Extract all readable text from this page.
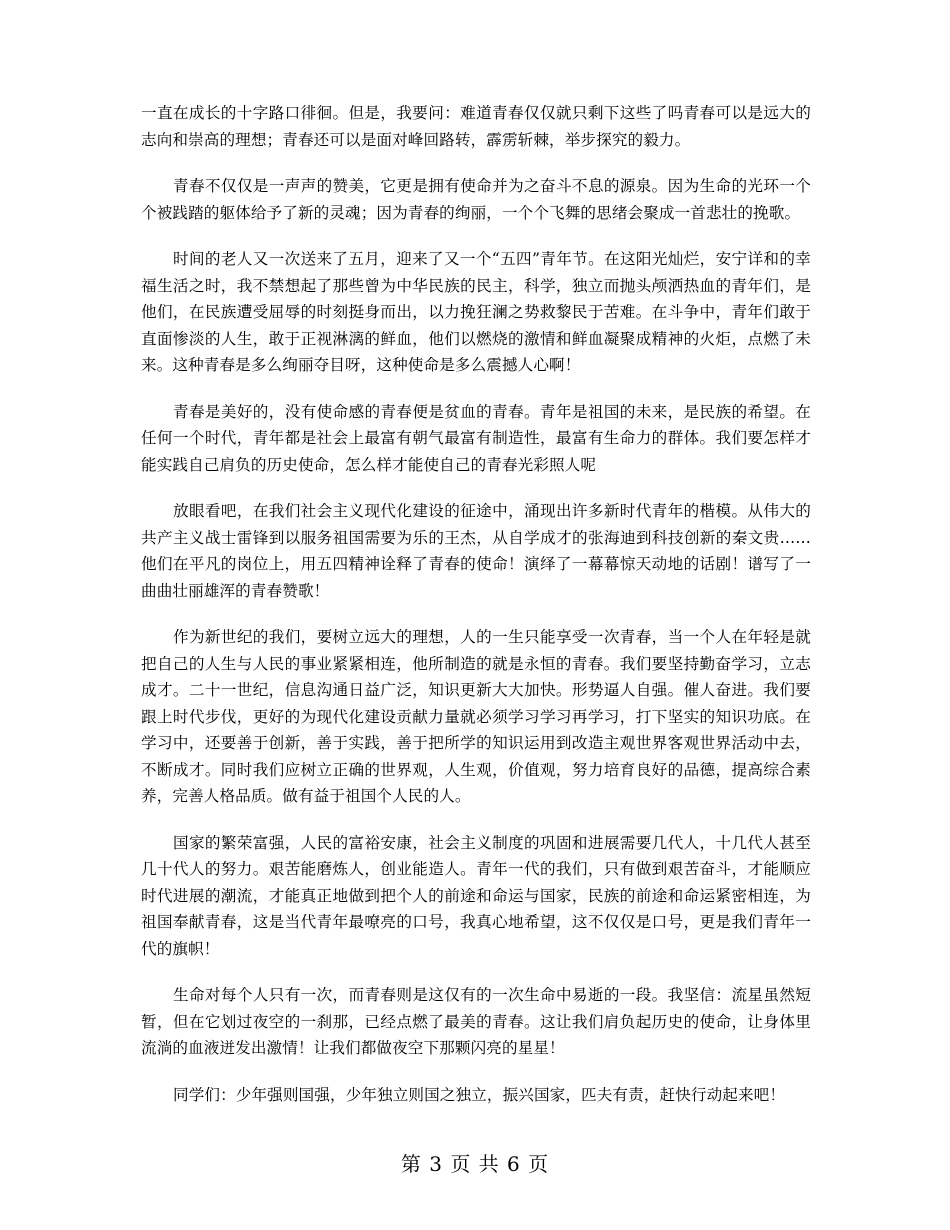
一直在成长的十字路口徘徊。但是，我要问：难道青春仅仅就只剩下这些了吗青春可以是远大的志向和崇高的理想；青春还可以是面对峰回路转，霹雳斩棘，举步探究的毅力。

青春不仅仅是一声声的赞美，它更是拥有使命并为之奋斗不息的源泉。因为生命的光环一个个被践踏的躯体给予了新的灵魂；因为青春的绚丽，一个个飞舞的思绪会聚成一首悲壮的挽歌。

时间的老人又一次送来了五月，迎来了又一个“五四”青年节。在这阳光灿烂，安宁详和的幸福生活之时，我不禁想起了那些曾为中华民族的民主，科学，独立而抛头颅洒热血的青年们，是他们，在民族遭受屈辱的时刻挺身而出，以力挽狂澜之势救黎民于苦难。在斗争中，青年们敢于直面惨淡的人生，敢于正视淋漓的鲜血，他们以燃烧的激情和鲜血凝聚成精神的火炬，点燃了未来。这种青春是多么绚丽夺目呀，这种使命是多么震撼人心啊！

青春是美好的，没有使命感的青春便是贫血的青春。青年是祖国的未来，是民族的希望。在任何一个时代，青年都是社会上最富有朝气最富有制造性，最富有生命力的群体。我们要怎样才能实践自己肩负的历史使命，怎么样才能使自己的青春光彩照人呢

放眼看吧，在我们社会主义现代化建设的征途中，涌现出许多新时代青年的楷模。从伟大的共产主义战士雷锋到以服务祖国需要为乐的王杰，从自学成才的张海迪到科技创新的秦文贵……他们在平凡的岗位上，用五四精神诠释了青春的使命！演绎了一幕幕惊天动地的话剧！谱写了一曲曲壮丽雄浑的青春赞歌！

作为新世纪的我们，要树立远大的理想，人的一生只能享受一次青春，当一个人在年轻是就把自己的人生与人民的事业紧紧相连，他所制造的就是永恒的青春。我们要坚持勤奋学习，立志成才。二十一世纪，信息沟通日益广泛，知识更新大大加快。形势逼人自强。催人奋进。我们要跟上时代步伐，更好的为现代化建设贡献力量就必须学习学习再学习，打下坚实的知识功底。在学习中，还要善于创新，善于实践，善于把所学的知识运用到改造主观世界客观世界活动中去，不断成才。同时我们应树立正确的世界观，人生观，价值观，努力培育良好的品德，提高综合素养，完善人格品质。做有益于祖国个人民的人。

国家的繁荣富强，人民的富裕安康，社会主义制度的巩固和进展需要几代人，十几代人甚至几十代人的努力。艰苦能磨炼人，创业能造人。青年一代的我们，只有做到艰苦奋斗，才能顺应时代进展的潮流，才能真正地做到把个人的前途和命运与国家，民族的前途和命运紧密相连，为祖国奉献青春，这是当代青年最嘹亮的口号，我真心地希望，这不仅仅是口号，更是我们青年一代的旗帜！

生命对每个人只有一次，而青春则是这仅有的一次生命中易逝的一段。我坚信：流星虽然短暂，但在它划过夜空的一刹那，已经点燃了最美的青春。这让我们肩负起历史的使命，让身体里流淌的血液迸发出激情！让我们都做夜空下那颗闪亮的星星！

同学们：少年强则国强，少年独立则国之独立，振兴国家，匹夫有责，赶快行动起来吧！

第 3 页 共 6 页
